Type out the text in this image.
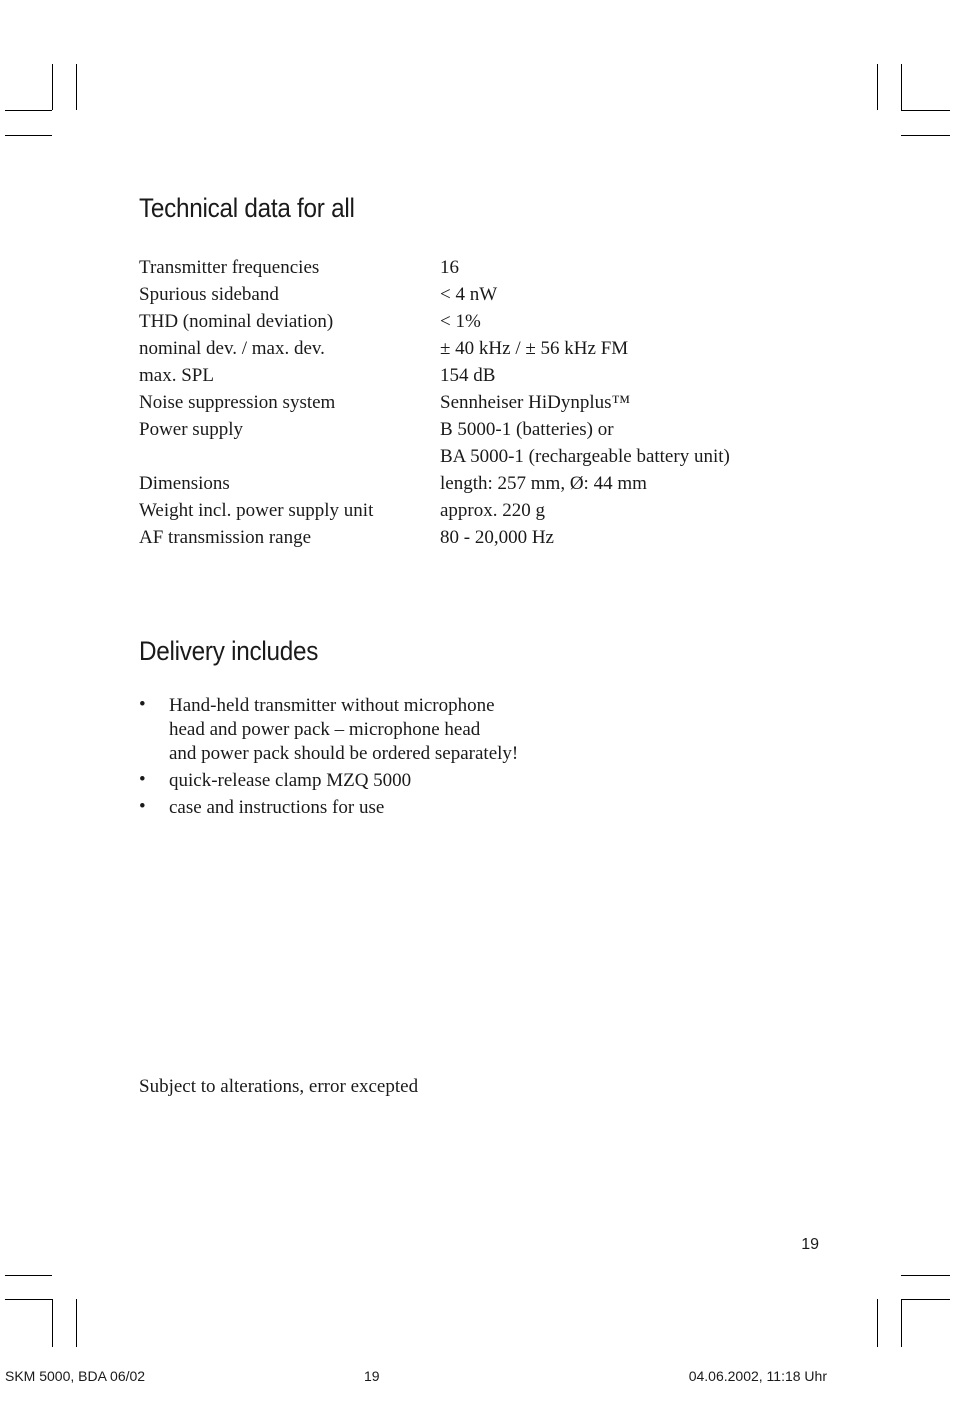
Technical data for all
Transmitter frequencies	16
Spurious sideband	< 4 nW
THD (nominal deviation)	< 1%
nominal dev. / max. dev.	± 40 kHz / ± 56 kHz FM
max. SPL	154 dB
Noise suppression system	Sennheiser HiDynplus™
Power supply	B 5000-1 (batteries) or
BA 5000-1 (rechargeable battery unit)
Dimensions	length: 257 mm, Ø: 44 mm
Weight incl. power supply unit	approx. 220 g
AF transmission range	80 - 20,000 Hz
Delivery includes
• Hand-held transmitter without microphone
head and power pack – microphone head
and power pack should be ordered separately!
• quick-release clamp MZQ 5000
• case and instructions for use
Subject to alterations, error excepted
19
SKM 5000, BDA 06/02	19	04.06.2002, 11:18 Uhr
